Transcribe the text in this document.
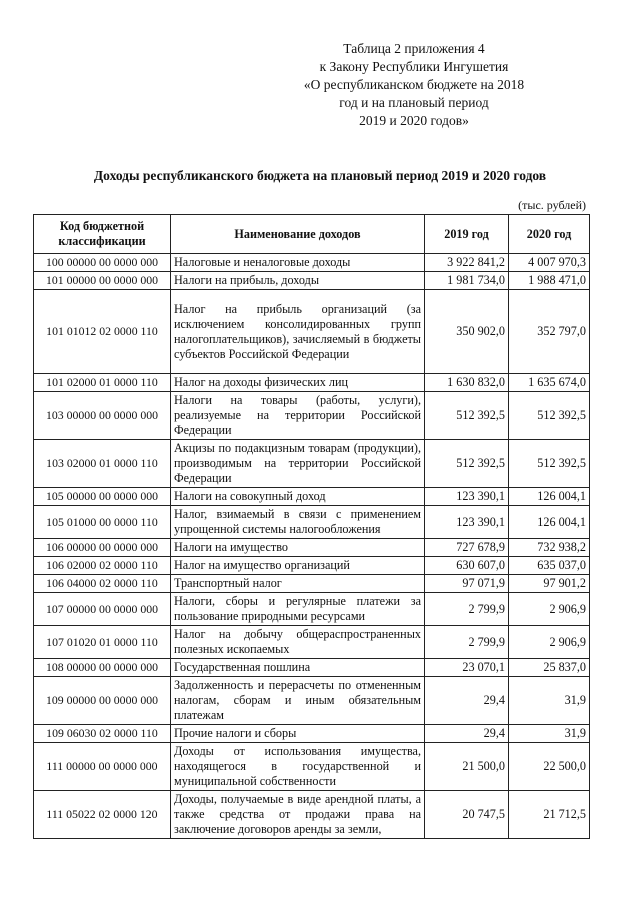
Таблица 2 приложения 4
к Закону Республики Ингушетия
«О республиканском бюджете на 2018
год и на плановый период
2019 и 2020 годов»
Доходы республиканского бюджета на плановый период 2019 и 2020 годов
(тыс. рублей)
Код бюджетной классификации	Наименование доходов	2019 год	2020 год
100 00000 00 0000 000	Налоговые и неналоговые доходы	3 922 841,2	4 007 970,3
101 00000 00 0000 000	Налоги на прибыль, доходы	1 981 734,0	1 988 471,0
101 01012 02 0000 110	Налог на прибыль организаций (за исключением консолидированных групп налогоплательщиков), зачисляемый в бюджеты субъектов Российской Федерации	350 902,0	352 797,0
101 02000 01 0000 110	Налог на доходы физических лиц	1 630 832,0	1 635 674,0
103 00000 00 0000 000	Налоги на товары (работы, услуги), реализуемые на территории Российской Федерации	512 392,5	512 392,5
103 02000 01 0000 110	Акцизы по подакцизным товарам (продукции), производимым на территории Российской Федерации	512 392,5	512 392,5
105 00000 00 0000 000	Налоги на совокупный доход	123 390,1	126 004,1
105 01000 00 0000 110	Налог, взимаемый в связи с применением упрощенной системы налогообложения	123 390,1	126 004,1
106 00000 00 0000 000	Налоги на имущество	727 678,9	732 938,2
106 02000 02 0000 110	Налог на имущество организаций	630 607,0	635 037,0
106 04000 02 0000 110	Транспортный налог	97 071,9	97 901,2
107 00000 00 0000 000	Налоги, сборы и регулярные платежи за пользование природными ресурсами	2 799,9	2 906,9
107 01020 01 0000 110	Налог на добычу общераспространенных полезных ископаемых	2 799,9	2 906,9
108 00000 00 0000 000	Государственная пошлина	23 070,1	25 837,0
109 00000 00 0000 000	Задолженность и перерасчеты по отмененным налогам, сборам и иным обязательным платежам	29,4	31,9
109 06030 02 0000 110	Прочие налоги и сборы	29,4	31,9
111 00000 00 0000 000	Доходы от использования имущества, находящегося в государственной и муниципальной собственности	21 500,0	22 500,0
111 05022 02 0000 120	Доходы, получаемые в виде арендной платы, а также средства от продажи права на заключение договоров аренды за земли,	20 747,5	21 712,5
